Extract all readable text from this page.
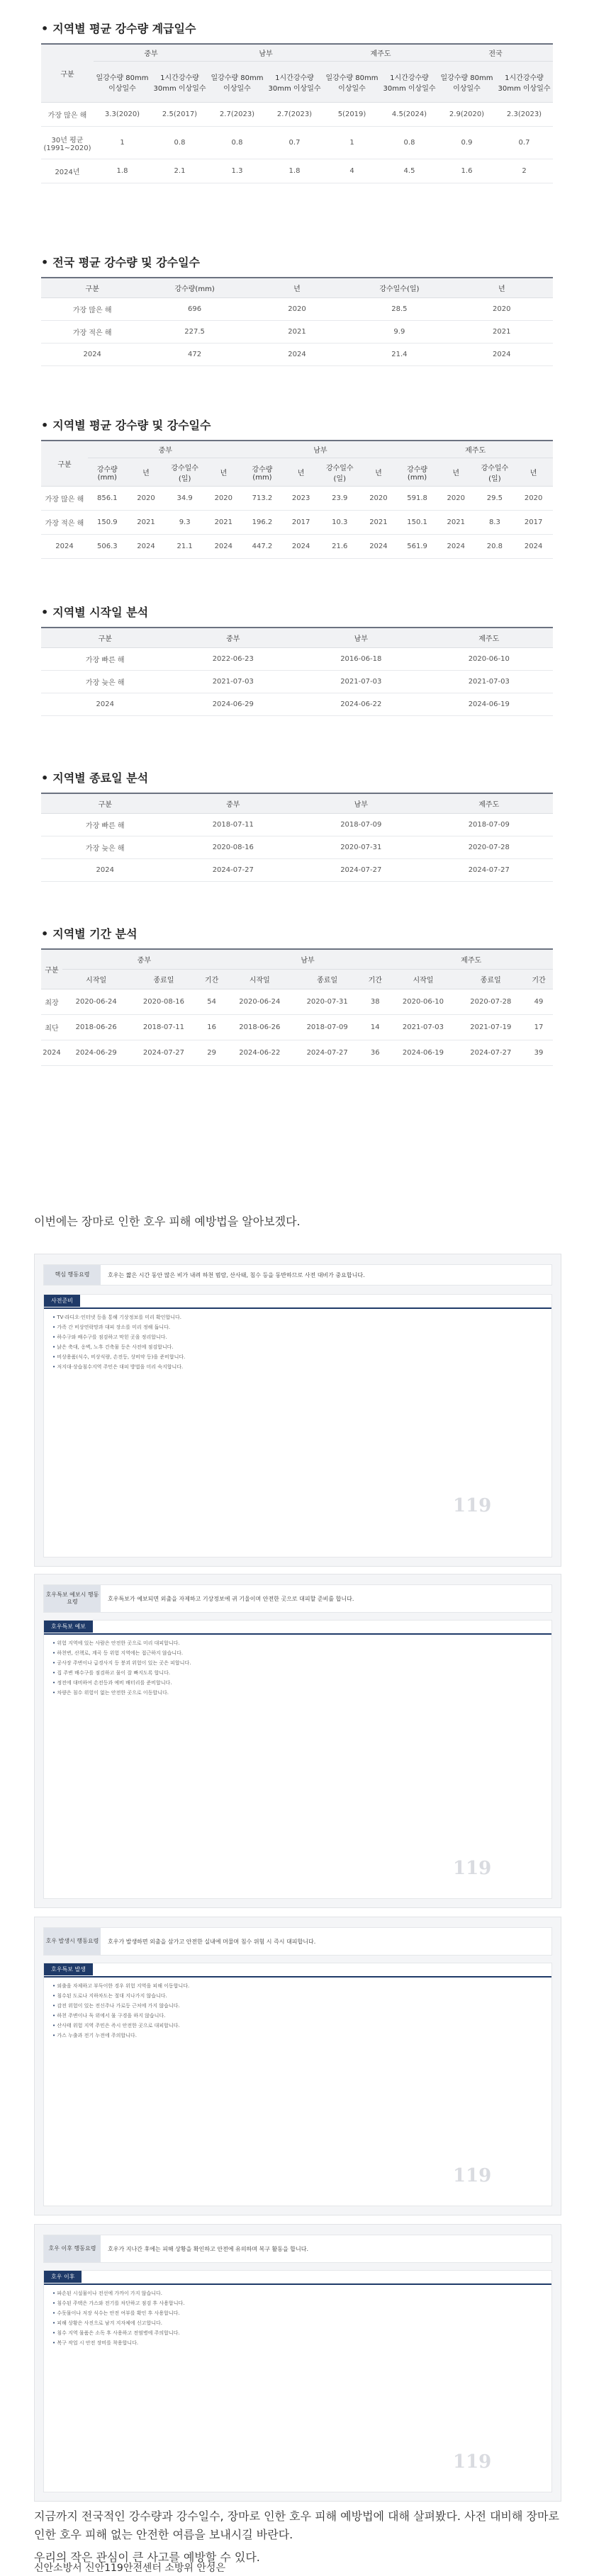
• 지역별 평균 강수량 계급일수
구분	중부		남부		제주도		전국	
	일강수량 80mm 이상일수	1시간강수량 30mm 이상일수	일강수량 80mm 이상일수	1시간강수량 30mm 이상일수	일강수량 80mm 이상일수	1시간강수량 30mm 이상일수	일강수량 80mm 이상일수	1시간강수량 30mm 이상일수
가장 많은 해	3.3(2020)	2.5(2017)	2.7(2023)	2.7(2023)	5(2019)	4.5(2024)	2.9(2020)	2.3(2023)
30년 평균 (1991~2020)	1	0.8	0.8	0.7	1	0.8	0.9	0.7
2024년	1.8	2.1	1.3	1.8	4	4.5	1.6	2
• 전국 평균 강수량 및 강수일수
구분	강수량(mm)	년	강수일수(일)	년
가장 많은 해	696	2020	28.5	2020
가장 적은 해	227.5	2021	9.9	2021
2024	472	2024	21.4	2024
• 지역별 평균 강수량 및 강수일수
구분	중부				남부				제주도			
	강수량 (mm)	년	강수일수 (일)	년	강수량 (mm)	년	강수일수 (일)	년	강수량 (mm)	년	강수일수 (일)	년
가장 많은 해	856.1	2020	34.9	2020	713.2	2023	23.9	2020	591.8	2020	29.5	2020
가장 적은 해	150.9	2021	9.3	2021	196.2	2017	10.3	2021	150.1	2021	8.3	2017
2024	506.3	2024	21.1	2024	447.2	2024	21.6	2024	561.9	2024	20.8	2024
• 지역별 시작일 분석
구분	중부	남부	제주도
가장 빠른 해	2022-06-23	2016-06-18	2020-06-10
가장 늦은 해	2021-07-03	2021-07-03	2021-07-03
2024	2024-06-29	2024-06-22	2024-06-19
• 지역별 종료일 분석
구분	중부	남부	제주도
가장 빠른 해	2018-07-11	2018-07-09	2018-07-09
가장 늦은 해	2020-08-16	2020-07-31	2020-07-28
2024	2024-07-27	2024-07-27	2024-07-27
• 지역별 기간 분석
구분	중부			남부			제주도		
	시작일	종료일	기간	시작일	종료일	기간	시작일	종료일	기간
최장	2020-06-24	2020-08-16	54	2020-06-24	2020-07-31	38	2020-06-10	2020-07-28	49
최단	2018-06-26	2018-07-11	16	2018-06-26	2018-07-09	14	2021-07-03	2021-07-19	17
2024	2024-06-29	2024-07-27	29	2024-06-22	2024-07-27	36	2024-06-19	2024-07-27	39
이번에는 장마로 인한 호우 피해 예방법을 알아보겠다.
핵심 행동요령	호우는 짧은 시간 동안 많은 비가 내려 하천 범람, 산사태, 침수 등을 동반하므로 사전 대비가 중요합니다.
사전준비
• TV·라디오·인터넷 등을 통해 기상정보를 미리 확인합니다.
• 가족 간 비상연락망과 대피 장소를 미리 정해 둡니다.
• 하수구와 배수구를 점검하고 막힌 곳을 정리합니다.
• 낡은 축대, 옹벽, 노후 건축물 등은 사전에 점검합니다.
• 비상용품(식수, 비상식량, 손전등, 상비약 등)을 준비합니다.
• 저지대·상습침수지역 주민은 대피 방법을 미리 숙지합니다.
119
호우특보 예보시 행동요령	호우특보가 예보되면 외출을 자제하고 기상정보에 귀 기울이며 안전한 곳으로 대피할 준비를 합니다.
호우특보 예보
• 위험 지역에 있는 사람은 안전한 곳으로 미리 대피합니다.
• 하천변, 산책로, 계곡 등 위험 지역에는 접근하지 않습니다.
• 공사장 주변이나 급경사지 등 붕괴 위험이 있는 곳은 피합니다.
• 집 주변 배수구를 점검하고 물이 잘 빠지도록 합니다.
• 정전에 대비하여 손전등과 예비 배터리를 준비합니다.
• 차량은 침수 위험이 없는 안전한 곳으로 이동합니다.
119
호우 발생시 행동요령	호우가 발생하면 외출을 삼가고 안전한 실내에 머물며 침수 위험 시 즉시 대피합니다.
호우특보 발생
• 외출을 자제하고 부득이한 경우 위험 지역을 피해 이동합니다.
• 침수된 도로나 지하차도는 절대 지나가지 않습니다.
• 감전 위험이 있는 전신주나 가로등 근처에 가지 않습니다.
• 하천 주변이나 둑 위에서 물 구경을 하지 않습니다.
• 산사태 위험 지역 주민은 즉시 안전한 곳으로 대피합니다.
• 가스 누출과 전기 누전에 주의합니다.
119
호우 이후 행동요령	호우가 지나간 후에는 피해 상황을 확인하고 안전에 유의하며 복구 활동을 합니다.
호우 이후
• 파손된 시설물이나 전선에 가까이 가지 않습니다.
• 침수된 주택은 가스와 전기를 차단하고 점검 후 사용합니다.
• 수돗물이나 저장 식수는 안전 여부를 확인 후 사용합니다.
• 피해 상황은 사진으로 남겨 지자체에 신고합니다.
• 침수 지역 물품은 소독 후 사용하고 전염병에 주의합니다.
• 복구 작업 시 안전 장비를 착용합니다.
119
지금까지 전국적인 강수량과 강수일수, 장마로 인한 호우 피해 예방법에 대해 살펴봤다. 사전 대비해 장마로 인한 호우 피해 없는 안전한 여름을 보내시길 바란다.
우리의 작은 관심이 큰 사고를 예방할 수 있다.
신안소방서 신안119안전센터 소방위 안성은
